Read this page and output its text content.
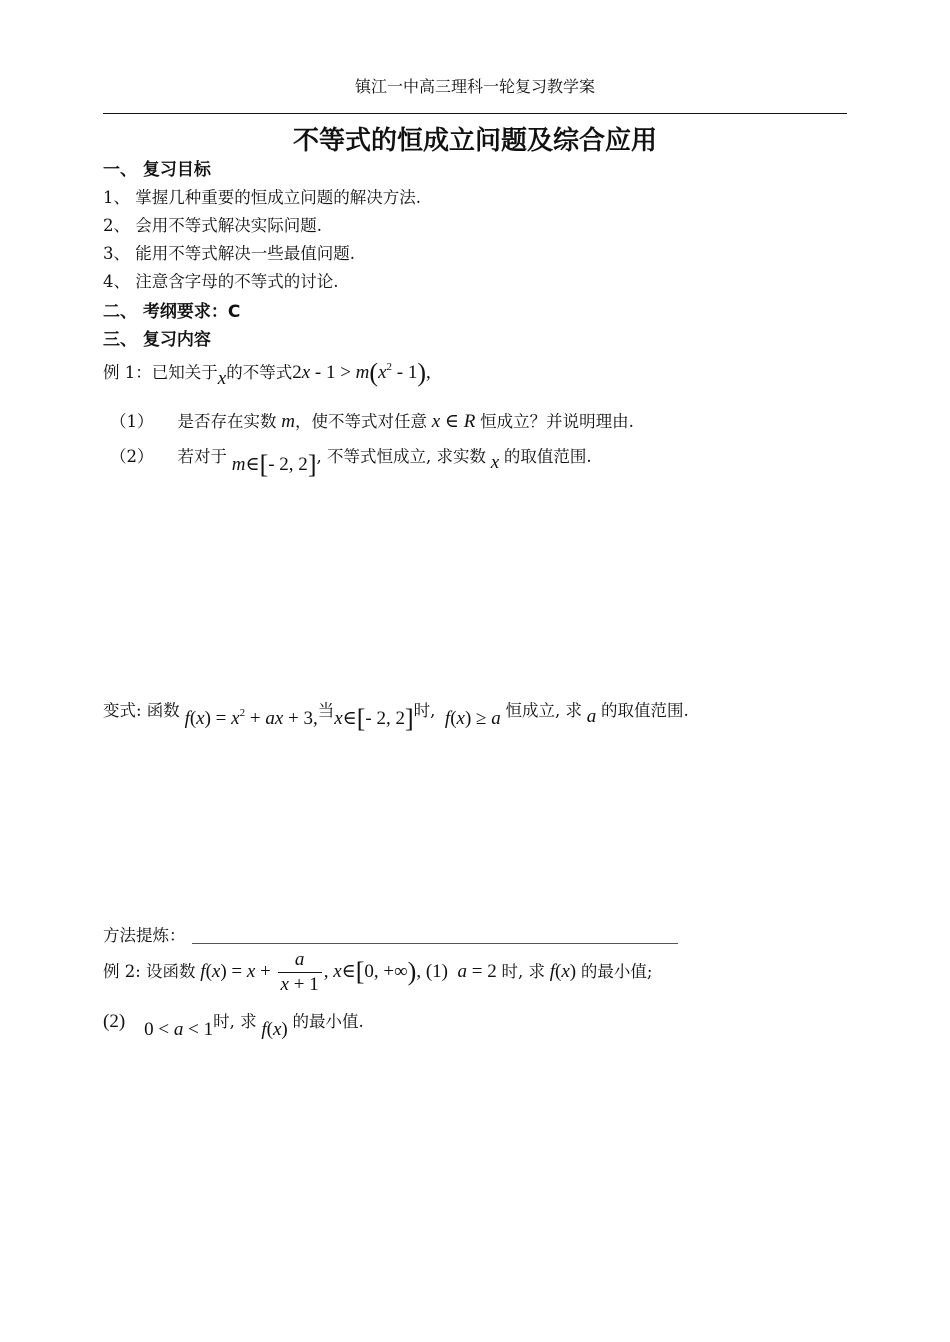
镇江一中高三理科一轮复习教学案
不等式的恒成立问题及综合应用
一、 复习目标
1、 掌握几种重要的恒成立问题的解决方法.
2、 会用不等式解决实际问题.
3、 能用不等式解决一些最值问题.
4、 注意含字母的不等式的讨论.
二、 考纲要求：C
三、 复习内容
例 1：已知关于x的不等式$2x - 1 > m(x^2 - 1)$,
（1） 是否存在实数 m，使不等式对任意 x ∈ R 恒成立？并说明理由.
（2） 若对于 m∈[- 2, 2], 不等式恒成立, 求实数 x 的取值范围.
变式: 函数 $f(x) = x^2$ + ax + 3,当x∈[- 2, 2]时, f(x) ≥ a 恒成立, 求 a 的取值范围.
方法提炼：
例 2: 设函数 $f(x) = x + \frac{a}{x + 1}$ , x∈[0, +∞), (1) a = 2 时, 求 f(x) 的最小值;
(2)    0 < a < 1时, 求 f(x) 的最小值.
